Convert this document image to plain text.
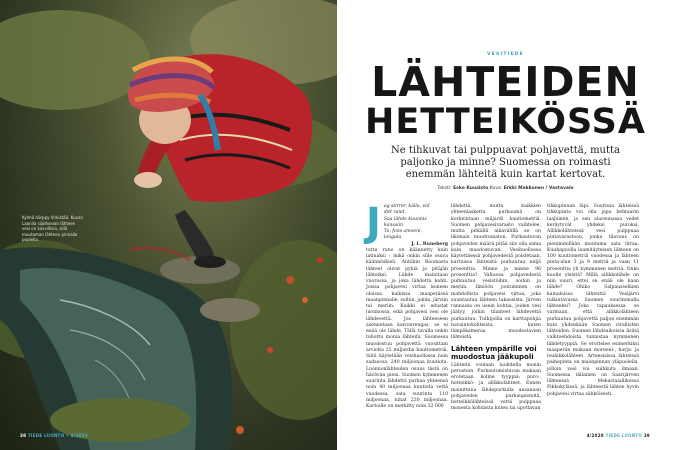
Kylmä hörppy Virkistää. Kuvan Laanila sijaitsevan lähteen vesi on kasvillisia, sillä muutaman lähteen pinnalla puolella.
38 TIEDE LUONTO • 4/2020
VESITIEDE
LÄHTEIDEN
HETTEIKÖSSÄ
Ne tihkuvat tai pulppuavat pohjavettä, mutta paljonko ja minne? Suomessa on roimasti enemmän lähteitä kuin kartat kertovat.
Teksti: Esko Kuusisto Kuva: Erkki Makkonen / Vastavalo
J ag stirrer, källa, vid

ditt rand.

Saa lähde kuunnis

kanssiin.

To, fons amoeni,

longula.

J. L. Runeberg

tuttu runo on käännetty kuin latinaksi – mikä onkin sille osuva käännöskieli. Antiikin Roomasta lähteet olivat pyhiä ja pitäjän lähteiksi. Lähde mainitaan vuorossa, ja joka lähdettä kohti. Joissa pohjavesi virtaa koneen oloissa kaikissa maaperässä maanpinnalle, soihin, jokiin, järviin tai meriin. Kaikki ei edustat luonnossa, eikä pohjavesi vesi ole lähdevettä. Jos lähteeseen asennetaan kaivonrengas, se ei enää ole lähde. Tällä tavalla onkin tuhottu monia lähteitä. Suomessa muodostuu pohjavettä vuosittain arviolta 25 miljardia kuutiometriä. Siitä käytetään vesihuollossa noin sadasosa, 240 miljoonaa kuutiota. Luonnonlähteiden osuus tästä on hävävän pieni. Suomen kymmenen suurinta lähdettä purkaa yhteensä noin 40 miljoonaa kuutiota vettä vuodessa, sata suurinta 110 miljoonaa, tuhat 230 miljoonaa. Kartoille on merkitty noin 32 000

lähdettä, mutta kaikkien yhteenlaskettu purkaumä on korkeintaan miljardi kuutiometriä. Suomen pohjavesivarasto vaihtelee, mutta pitkällä aikavälillä se on likimain muuttumaton. Purkautuvan pohjaveden määrä pitää siis olla sama kuin muodostuvan. Vesihuollossa käytettäessä pohjavedestä poistetaan, kartoissa lähteistä purkautuu neljä prosenttia. Minne ja minne 96 prosenttia? Valtaosa pohjavedestä purkautuu vesistöihin, soihin ja meriin. Ilmiöön joutuminen on mahdollista pohjavesi virtaa, joka suuntautuu lähteen takaosista. Järven rannassa on usein kohtia, joiden vesi jäätyy, joihin tilanteet lähdevettä purkautuu. Tutkijoilla on karttapohjia havaintokohteista, kuten lämpökameraa muodostavien lähteistä.

Lähteen ympärille voi muodostua jääkupoli

Lähteitä voidaan luokitella monin perustein. Purkautumistavan mukaan erotetaan kolme tyyppiä: puro-, hetteikkö- ja allikkolähteet. Ennen mainittuna lähdepurkulla ansanaan pohjaveden purkaupisteitä, hetteikkölähteissä vettä pulppuaa monesta kohdasta kuten tai upottavan

tihkupinnan läpi. Suurissa lähteissä tihkupinta voi olla jopa hehtaarin laajuinen, ja sen alareunassa vedet keräytyvät yhdeksi puroksi. Allikkolähteissä vesi pulppuaa pintavarastoon, jonka tilavuus on pienimmillään muutama sata litraa. Kuuhapuolla laamitäyteisen lähteen on 100 kuutiometriä vuodessa ja lähteen pinta-alan 3 ja 9 metriä ja vaan 11 prosenttia yli kymmenen metriä. Onko kuolle yleistä? Millä allikkolähde on niin suuri, ettei se enää ole kaan lähde? Ohiko Salpausselkien kainaloissa lähteittä Vesijärvi tulkintavassa Suomen suurimmalla lähteeksi? Joka tapauksessa se varmaan, että allikkolähteen purkautuu pohjavettä paljon enemmän kuin yhdenkään Suomen virallisten lähteiden. Suomen lähdeaikoissa lisätä vaihtoehdoista tunnistaa kymmenen lähdetyyppiä. Se erottelee esimerkiksi maaperän mukaan moreeni-, harju- ja louhikkolähteet. Arteesisissa lähteissä painepinta on maanpinnan yläpuolella, jolloin vesi voi suihkuta ilmaan. Suomessa tällainen on Saarijärven lähteessä Mekastaiallikossa Pikkukylässä, ja lähteestä lähtee hyvin pohjavesi virtaa sähköisesti.

4/2020 TIEDE LUONTO 39
